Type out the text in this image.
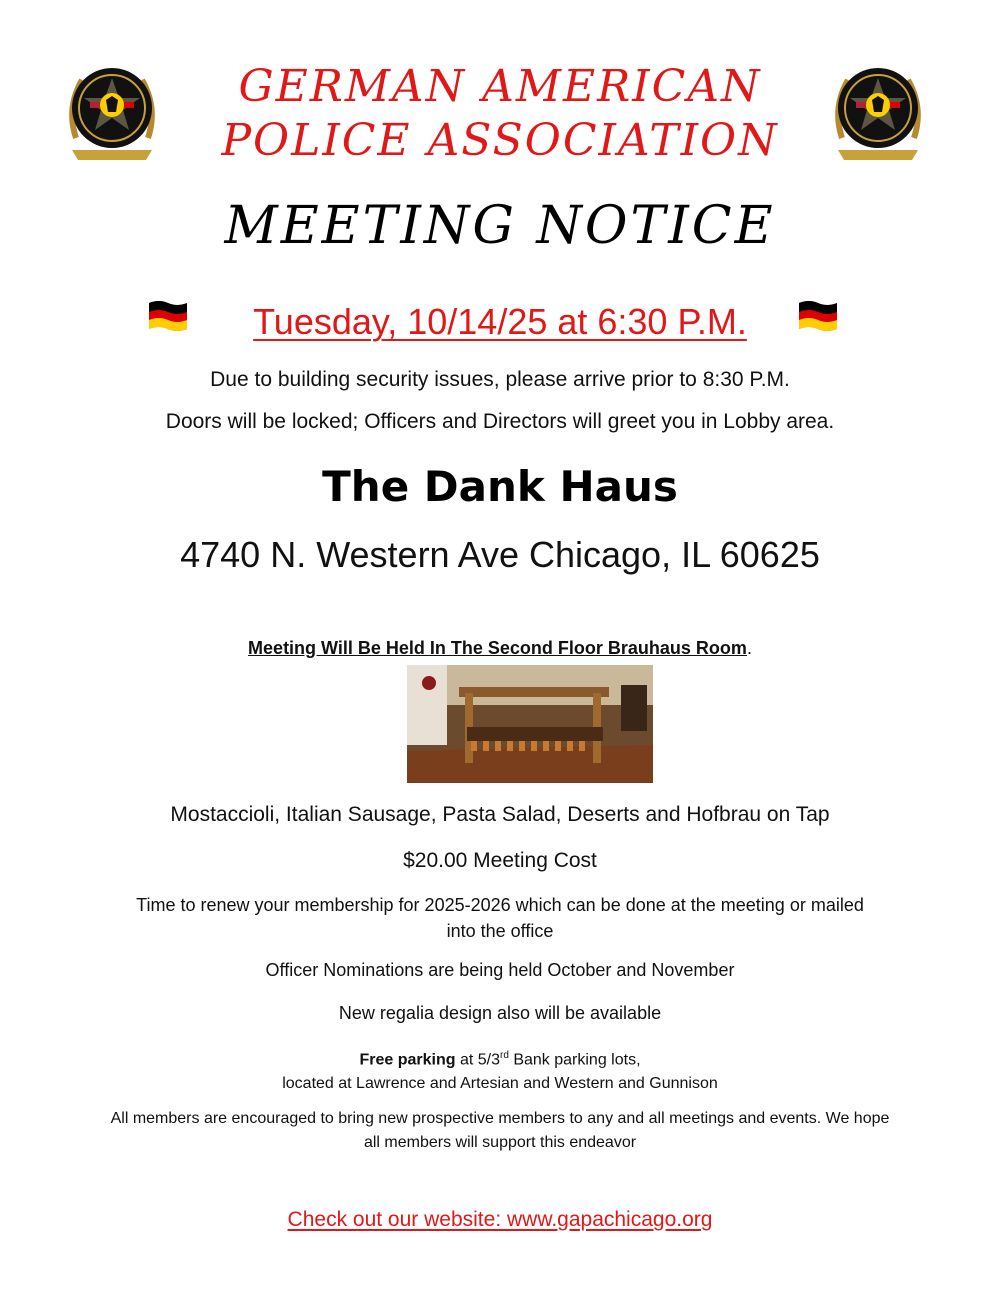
GERMAN AMERICAN
POLICE ASSOCIATION
MEETING NOTICE
Tuesday, 10/14/25 at 6:30 P.M.
Due to building security issues, please arrive prior to 8:30 P.M.
Doors will be locked; Officers and Directors will greet you in Lobby area.
The Dank Haus
4740 N. Western Ave Chicago, IL 60625
Meeting Will Be Held In The Second Floor Brauhaus Room.
Mostaccioli, Italian Sausage, Pasta Salad, Deserts and Hofbrau on Tap
$20.00 Meeting Cost
Time to renew your membership for 2025-2026 which can be done at the meeting or mailed into the office
Officer Nominations are being held October and November
New regalia design also will be available
Free parking at 5/3rd Bank parking lots,
located at Lawrence and Artesian and Western and Gunnison
All members are encouraged to bring new prospective members to any and all meetings and events. We hope all members will support this endeavor
Check out our website: www.gapachicago.org
